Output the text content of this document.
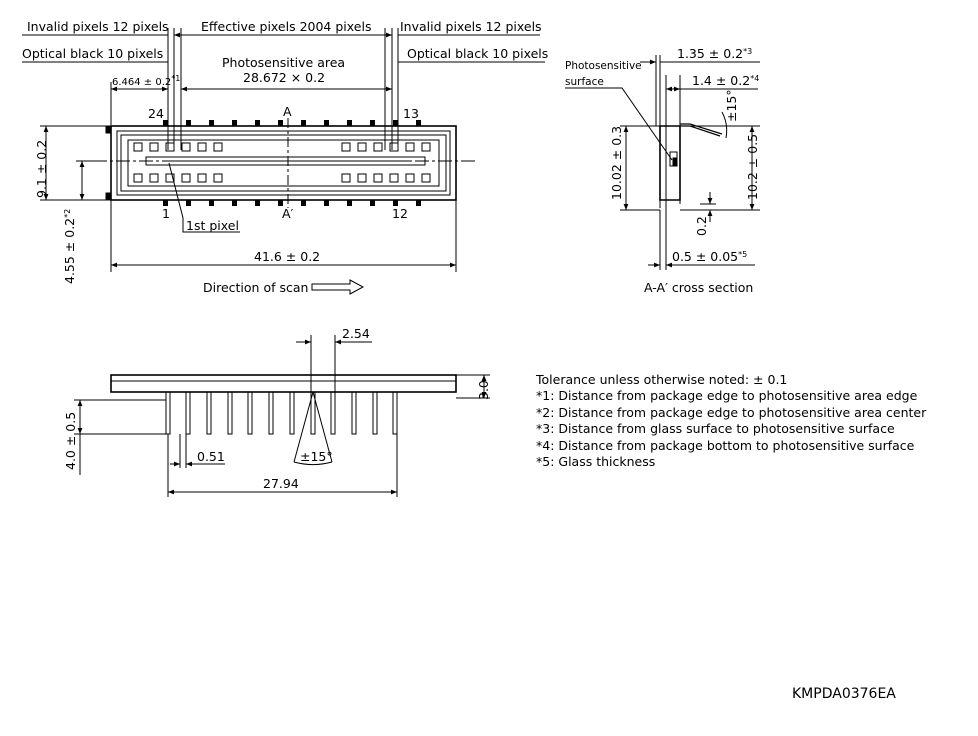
Invalid pixels 12 pixels	Effective pixels 2004 pixels Invalid pixels 12 pixels
Optical black 10 pixels	Optical black 10 pixels
Photosensitive area
28.672 × 0.2
$6.464 \pm 0.2^{*1}$
24	13
A
1	A′	12
1st pixel
9.1 ± 0.2
$4.55 \pm 0.2^{*2}$
41.6 ± 0.2
Direction of scan
Photosensitive
surface
$1.35 \pm 0.2^{*3}$
$1.4 \pm 0.2^{*4}$
±15°
10.02 ± 0.3	10.2 ± 0.5
0.2
$0.5 \pm 0.05^{*5}$
A-A′ cross section
2.54
3.0
4.0 ± 0.5	0.51	±15°
27.94
Tolerance unless otherwise noted: ± 0.1
*1: Distance from package edge to photosensitive area edge
*2: Distance from package edge to photosensitive area center
*3: Distance from glass surface to photosensitive surface
*4: Distance from package bottom to photosensitive surface
*5: Glass thickness
KMPDA0376EA
